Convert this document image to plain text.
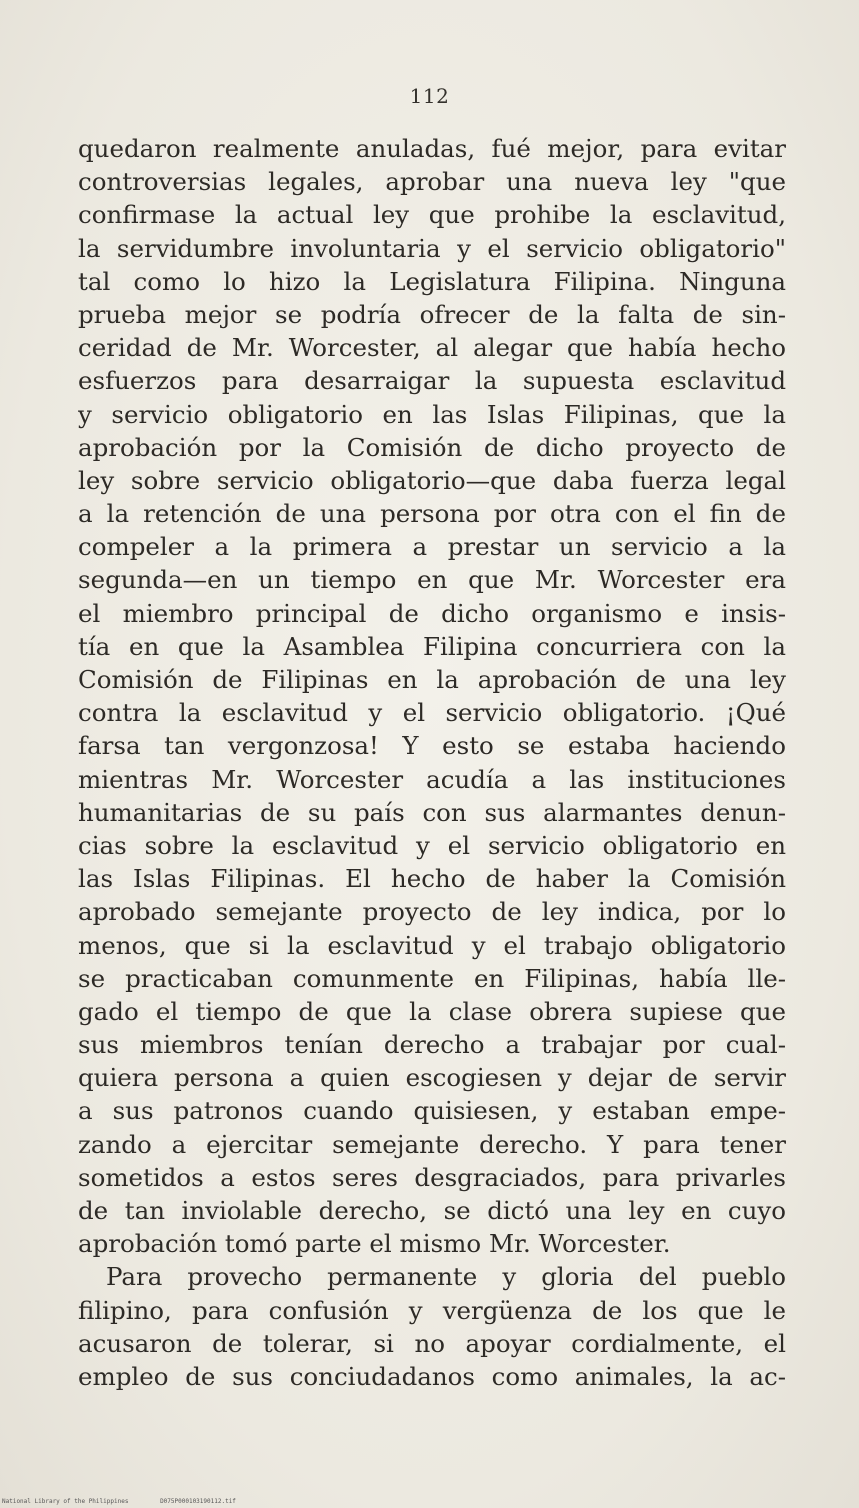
112
quedaron realmente anuladas, fué mejor, para evitar
controversias legales, aprobar una nueva ley "que
confirmase la actual ley que prohibe la esclavitud,
la servidumbre involuntaria y el servicio obligatorio"
tal como lo hizo la Legislatura Filipina. Ninguna
prueba mejor se podría ofrecer de la falta de sin-
ceridad de Mr. Worcester, al alegar que había hecho
esfuerzos para desarraigar la supuesta esclavitud
y servicio obligatorio en las Islas Filipinas, que la
aprobación por la Comisión de dicho proyecto de
ley sobre servicio obligatorio—que daba fuerza legal
a la retención de una persona por otra con el fin de
compeler a la primera a prestar un servicio a la
segunda—en un tiempo en que Mr. Worcester era
el miembro principal de dicho organismo e insis-
tía en que la Asamblea Filipina concurriera con la
Comisión de Filipinas en la aprobación de una ley
contra la esclavitud y el servicio obligatorio. ¡Qué
farsa tan vergonzosa! Y esto se estaba haciendo
mientras Mr. Worcester acudía a las instituciones
humanitarias de su país con sus alarmantes denun-
cias sobre la esclavitud y el servicio obligatorio en
las Islas Filipinas. El hecho de haber la Comisión
aprobado semejante proyecto de ley indica, por lo
menos, que si la esclavitud y el trabajo obligatorio
se practicaban comunmente en Filipinas, había lle-
gado el tiempo de que la clase obrera supiese que
sus miembros tenían derecho a trabajar por cual-
quiera persona a quien escogiesen y dejar de servir
a sus patronos cuando quisiesen, y estaban empe-
zando a ejercitar semejante derecho. Y para tener
sometidos a estos seres desgraciados, para privarles
de tan inviolable derecho, se dictó una ley en cuyo
aprobación tomó parte el mismo Mr. Worcester.
Para provecho permanente y gloria del pueblo
filipino, para confusión y vergüenza de los que le
acusaron de tolerar, si no apoyar cordialmente, el
empleo de sus conciudadanos como animales, la ac-
National Library of the Philippines	D075P000103190112.tif
